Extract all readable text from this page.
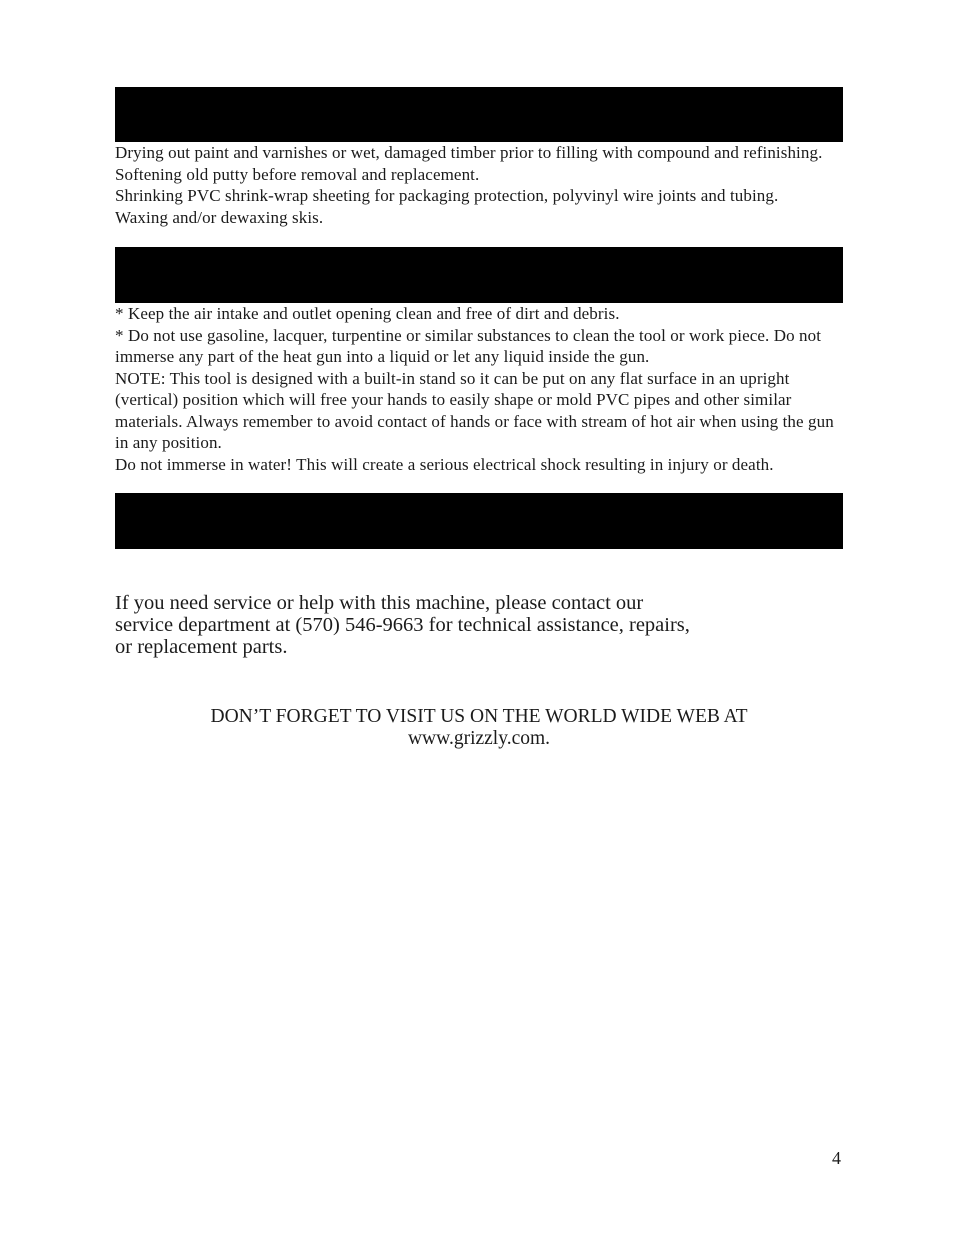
Drying out paint and varnishes or wet, damaged timber prior to filling with compound and refinishing.

Softening old putty before removal and replacement.

Shrinking PVC shrink-wrap sheeting for packaging protection, polyvinyl wire joints and tubing.

Waxing and/or dewaxing skis.

* Keep the air intake and outlet opening clean and free of dirt and debris.

* Do not use gasoline, lacquer, turpentine or similar substances to clean the tool or work piece. Do not immerse any part of the heat gun into a liquid or let any liquid inside the gun.

NOTE: This tool is designed with a built-in stand so it can be put on any flat surface in an upright (vertical) position which will free your hands to easily shape or mold PVC pipes and other similar materials. Always remember to avoid contact of hands or face with stream of hot air when using the gun in any position.

Do not immerse in water! This will create a serious electrical shock resulting in injury or death.

If you need service or help with this machine, please contact our

service department at (570) 546-9663 for technical assistance, repairs,

or replacement parts.

DON’T FORGET TO VISIT US ON THE WORLD WIDE WEB AT

www.grizzly.com.

4
